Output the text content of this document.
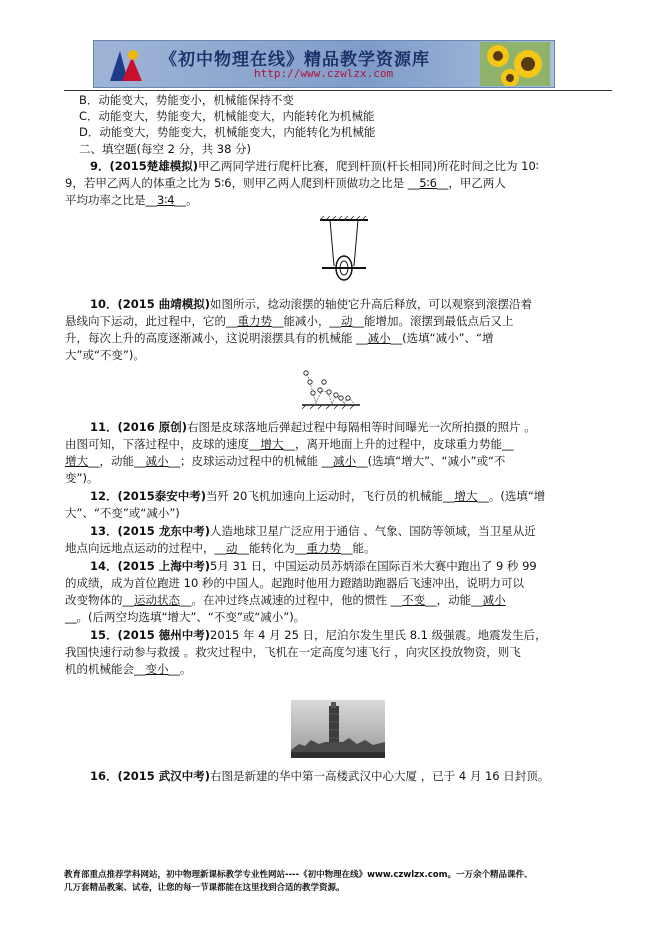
《初中物理在线》精品教学资源库
http://www.czwlzx.com
B．动能变大，势能变小，机械能保持不变
C．动能变大，势能变大，机械能变大，内能转化为机械能
D．动能变大，势能变大，机械能变大，内能转化为机械能
二、填空题(每空 2 分，共 38 分)
9．(2015楚雄模拟)甲乙两同学进行爬杆比赛，爬到杆顶(杆长相同)所花时间之比为 10∶
9，若甲乙两人的体重之比为 5∶6，则甲乙两人爬到杆顶做功之比是 __5∶6__，甲乙两人
平均功率之比是__3∶4__。
10．(2015 曲靖模拟)如图所示，捻动滚摆的轴使它升高后释放，可以观察到滚摆沿着
悬线向下运动，此过程中，它的__重力势__能减小，__动__能增加。滚摆到最低点后又上
升，每次上升的高度逐渐减小，这说明滚摆具有的机械能 __减小__(选填“减小”、“增
大”或“不变”)。
11．(2016 原创)右图是皮球落地后弹起过程中每隔相等时间曝光一次所拍摄的照片 。
由图可知，下落过程中，皮球的速度__增大__，离开地面上升的过程中，皮球重力势能__
增大__，动能__减小__；皮球运动过程中的机械能 __减小__(选填“增大”、“减小”或“不
变”)。
12．(2015泰安中考)当歼 20飞机加速向上运动时，飞行员的机械能__增大__。(选填“增
大”、“不变”或“减小”)
13．(2015 龙东中考)人造地球卫星广泛应用于通信 、气象、国防等领域，当卫星从近
地点向远地点运动的过程中，__动__能转化为__重力势__能。
14．(2015 上海中考)5月 31 日，中国运动员苏炳添在国际百米大赛中跑出了 9 秒 99
的成绩，成为首位跑进 10 秒的中国人。起跑时他用力蹬踏助跑器后飞速冲出，说明力可以
改变物体的__运动状态__。在冲过终点减速的过程中，他的惯性 __不变__，动能__减小
__。(后两空均选填“增大”、“不变”或“减小”)。
15．(2015 德州中考)2015 年 4 月 25 日，尼泊尔发生里氏 8.1 级强震。地震发生后，
我国快速行动参与救援 。救灾过程中，飞机在一定高度匀速飞行 ，向灾区投放物资，则飞
机的机械能会__变小__。
16．(2015 武汉中考)右图是新建的华中第一高楼武汉中心大厦 ，已于 4 月 16 日封顶。
教育部重点推荐学科网站，初中物理新课标教学专业性网站----《初中物理在线》www.czwlzx.com。一万余个精品课件、
几万套精品教案、试卷，让您的每一节课都能在这里找到合适的教学资源。
